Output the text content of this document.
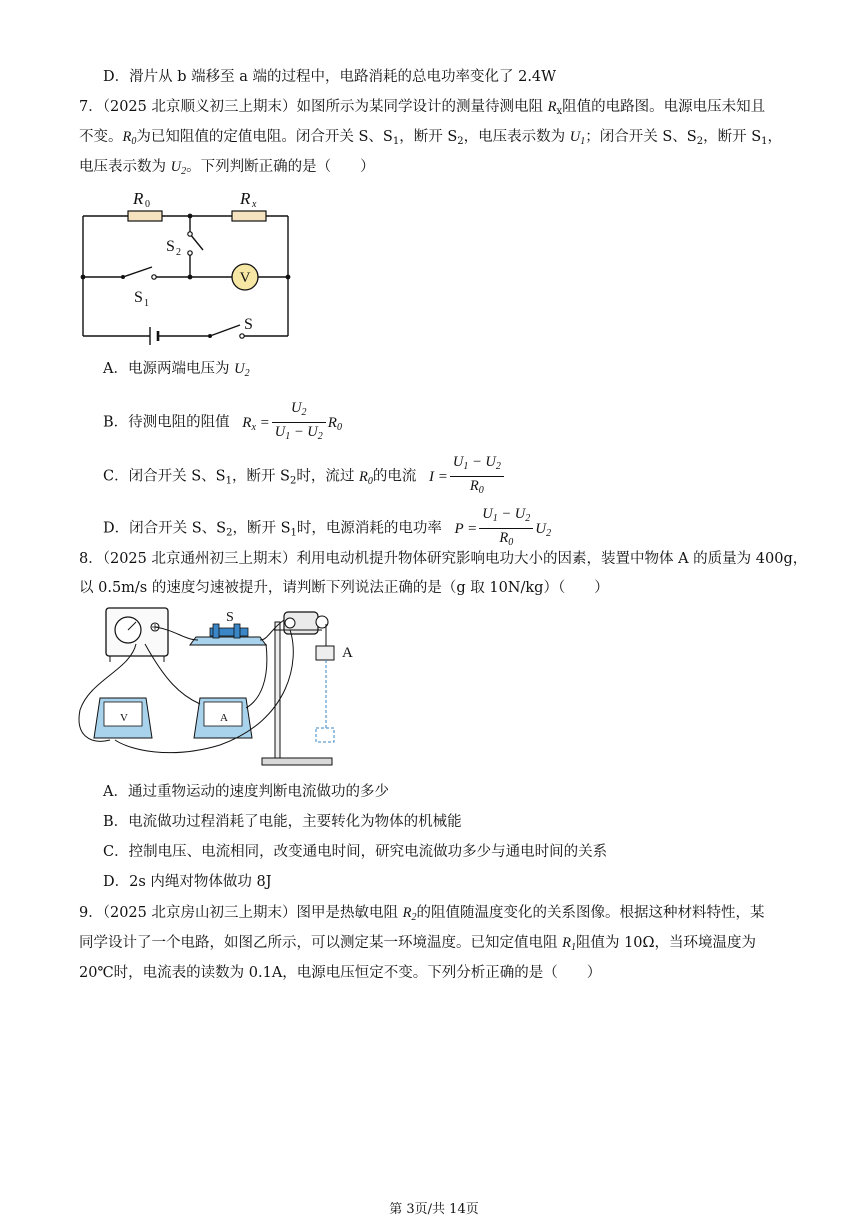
D．滑片从 b 端移至 a 端的过程中，电路消耗的总电功率变化了 2.4W
7．（2025 北京顺义初三上期末）如图所示为某同学设计的测量待测电阻 $R_x$阻值的电路图。电源电压未知且
不变。$R_0$为已知阻值的定值电阻。闭合开关 S、$S_1$，断开 $S_2$，电压表示数为 $U_1$；闭合开关 S、$S_2$，断开 $S_1$，
电压表示数为 $U_2$。下列判断正确的是（　　）
V
R 0	R x
S 2
S 1
S
A．电源两端电压为 $U_2$
B．待测电阻的阻值 $R_x = \frac{U_2}{U_1 - U_2} R_0$
C．闭合开关 S、$S_1$，断开 $S_2$时，流过 $R_0$的电流 $I = \frac{U_1 - U_2}{R_0}$
D．闭合开关 S、$S_2$，断开 $S_1$时，电源消耗的电功率 $P = \frac{U_1 - U_2}{R_0} U_2$
8．（2025 北京通州初三上期末）利用电动机提升物体研究影响电功大小的因素，装置中物体 A 的质量为 400g，
以 0.5m/s 的速度匀速被提升，请判断下列说法正确的是（g 取 10N/kg）（　　）
S
A
V	A
A．通过重物运动的速度判断电流做功的多少
B．电流做功过程消耗了电能，主要转化为物体的机械能
C．控制电压、电流相同，改变通电时间，研究电流做功多少与通电时间的关系
D．2s 内绳对物体做功 8J
9．（2025 北京房山初三上期末）图甲是热敏电阻 $R_2$的阻值随温度变化的关系图像。根据这种材料特性，某
同学设计了一个电路，如图乙所示，可以测定某一环境温度。已知定值电阻 $R_1$阻值为 10Ω，当环境温度为
20℃时，电流表的读数为 0.1A，电源电压恒定不变。下列分析正确的是（　　）
第 3页/共 14页
